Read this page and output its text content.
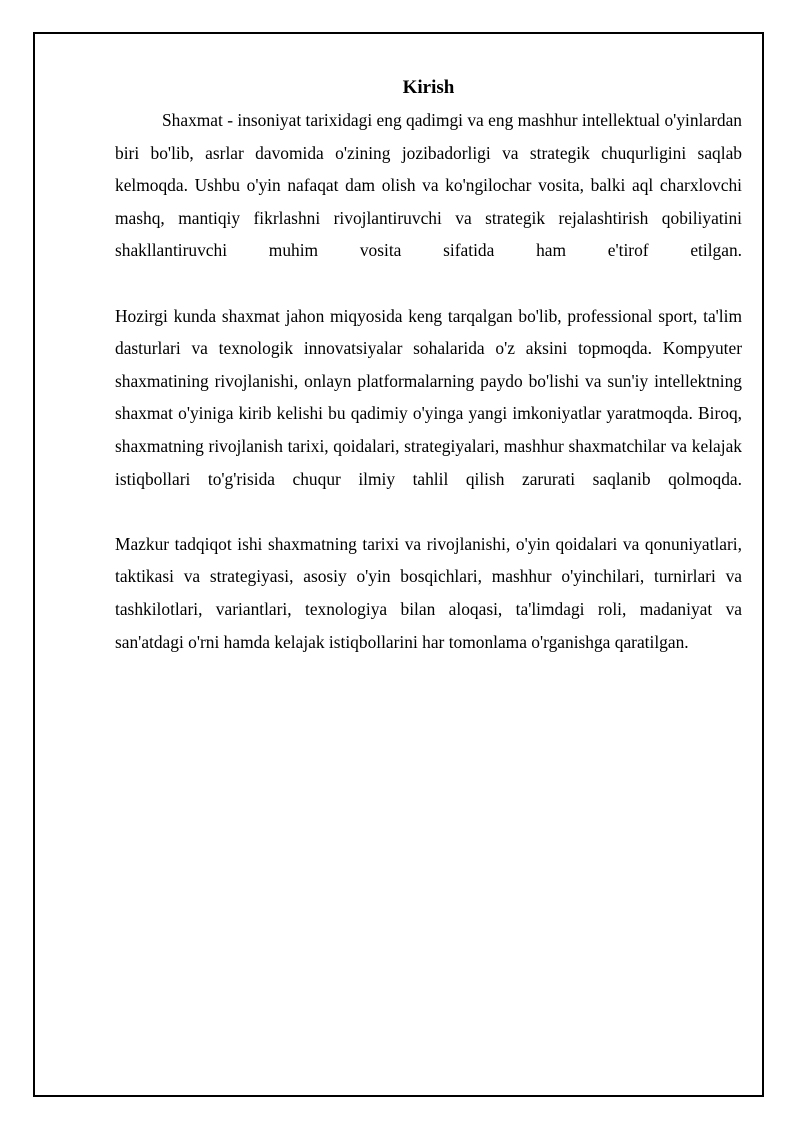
Kirish

Shaxmat - insoniyat tarixidagi eng qadimgi va eng mashhur intellektual o'yinlardan biri bo'lib, asrlar davomida o'zining jozibadorligi va strategik chuqurligini saqlab kelmoqda. Ushbu o'yin nafaqat dam olish va ko'ngilochar vosita, balki aql charxlovchi mashq, mantiqiy fikrlashni rivojlantiruvchi va strategik rejalashtirish qobiliyatini shakllantiruvchi muhim vosita sifatida ham e'tirof etilgan.

Hozirgi kunda shaxmat jahon miqyosida keng tarqalgan bo'lib, professional sport, ta'lim dasturlari va texnologik innovatsiyalar sohalarida o'z aksini topmoqda. Kompyuter shaxmatining rivojlanishi, onlayn platformalarning paydo bo'lishi va sun'iy intellektning shaxmat o'yiniga kirib kelishi bu qadimiy o'yinga yangi imkoniyatlar yaratmoqda. Biroq, shaxmatning rivojlanish tarixi, qoidalari, strategiyalari, mashhur shaxmatchilar va kelajak istiqbollari to'g'risida chuqur ilmiy tahlil qilish zarurati saqlanib qolmoqda.

Mazkur tadqiqot ishi shaxmatning tarixi va rivojlanishi, o'yin qoidalari va qonuniyatlari, taktikasi va strategiyasi, asosiy o'yin bosqichlari, mashhur o'yinchilari, turnirlari va tashkilotlari, variantlari, texnologiya bilan aloqasi, ta'limdagi roli, madaniyat va san'atdagi o'rni hamda kelajak istiqbollarini har tomonlama o'rganishga qaratilgan.
